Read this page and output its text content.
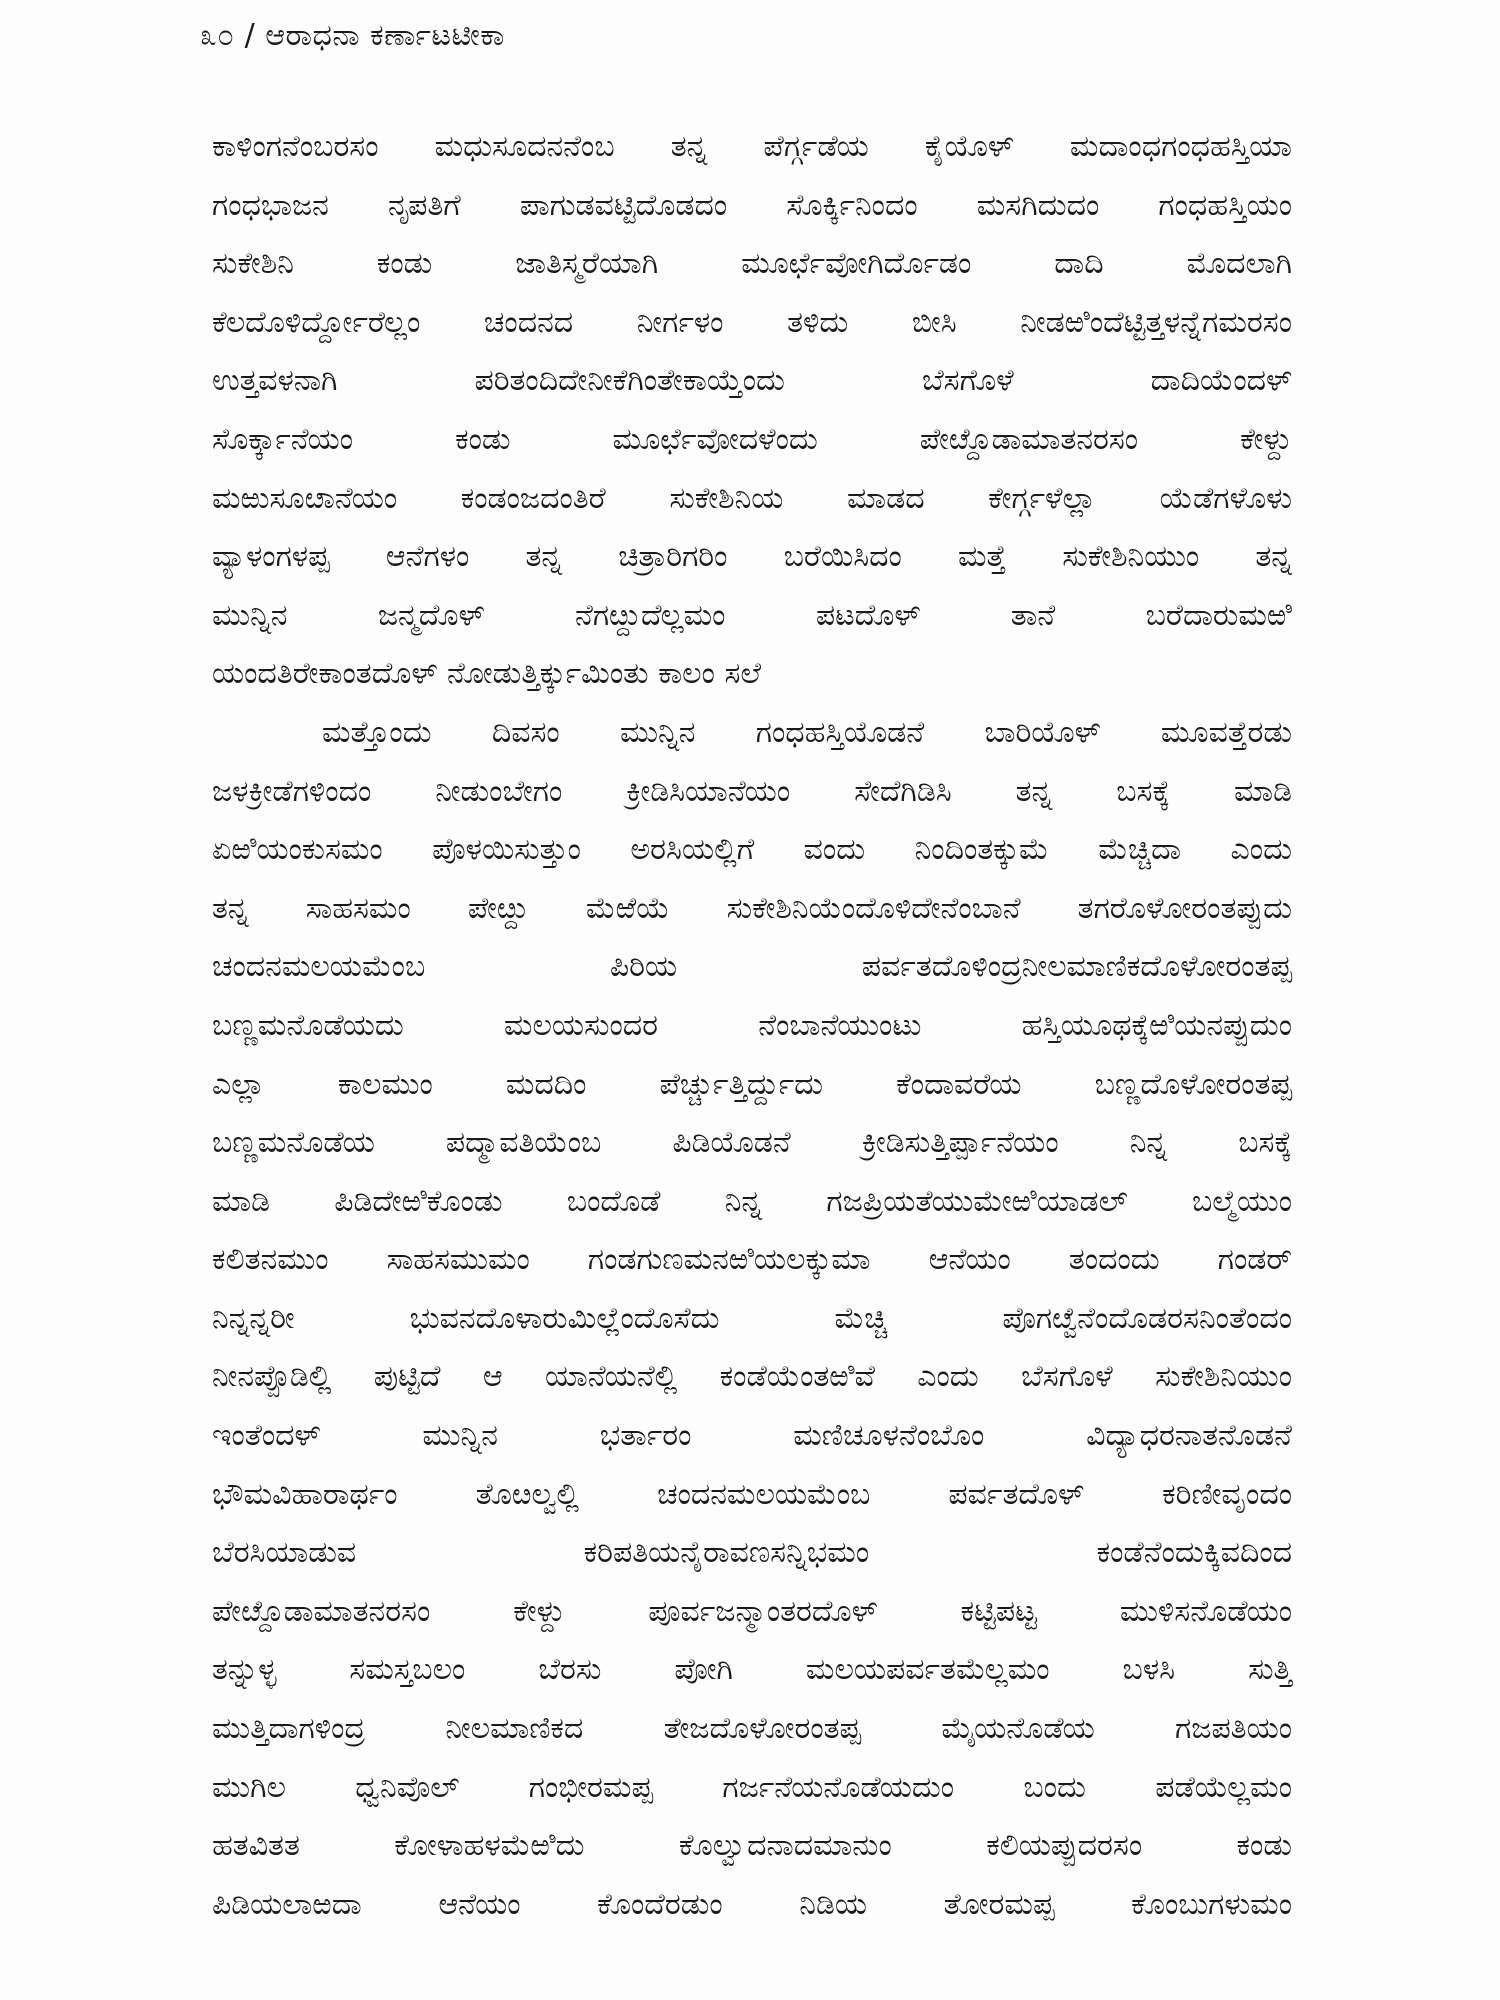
೩೦ / ಆರಾಧನಾ ಕರ್ಣಾಟಟೀಕಾ
ಕಾಳಿಂಗನೆಂಬರಸಂ ಮಧುಸೂದನನೆಂಬ ತನ್ನ ಪೆರ್ಗ್ಗಡೆಯ ಕೈಯೊಳ್ ಮದಾಂಧಗಂಧಹಸ್ತಿಯಾ
ಗಂಧಭಾಜನ ನೃಪತಿಗೆ ಪಾಗುಡವಟ್ಟಿದೊಡದಂ ಸೊರ್ಕ್ಕಿನಿಂದಂ ಮಸಗಿದುದಂ ಗಂಧಹಸ್ತಿಯಂ
ಸುಕೇಶಿನಿ ಕಂಡು ಜಾತಿಸ್ಮರೆಯಾಗಿ ಮೂರ್ಛೆವೋಗಿರ್ದೊಡಂ ದಾದಿ ಮೊದಲಾಗಿ
ಕೆಲದೊಳಿರ್ದ್ದೋರೆಲ್ಲಂ ಚಂದನದ ನೀರ್ಗಳಂ ತಳಿದು ಬೀಸಿ ನೀಡಱಿಂದೆಟ್ಟಿತ್ತಳನ್ನೆಗಮರಸಂ
ಉತ್ತವಳನಾಗಿ ಪರಿತಂದಿದೇನೀಕೆಗಿಂತೇಕಾಯ್ತೆಂದು ಬೆಸಗೊಳೆ ದಾದಿಯೆಂದಳ್
ಸೊರ್ಕ್ಕಾನೆಯಂ ಕಂಡು ಮೂರ್ಛೆವೋದಳೆಂದು ಪೇೞ್ದೊಡಾಮಾತನರಸಂ ಕೇಳ್ದು
ಮಱುಸೂೞಾನೆಯಂ ಕಂಡಂಜದಂತಿರೆ ಸುಕೇಶಿನಿಯ ಮಾಡದ ಕೇರ್ಗ್ಗಳೆಲ್ಲಾ ಯೆಡೆಗಳೊಳು
ವ್ಯಾಳಂಗಳಪ್ಪ ಆನೆಗಳಂ ತನ್ನ ಚಿತ್ರಾರಿಗರಿಂ ಬರೆಯಿಸಿದಂ ಮತ್ತೆ ಸುಕೇಶಿನಿಯುಂ ತನ್ನ
ಮುನ್ನಿನ ಜನ್ಮದೊಳ್ ನೆಗೞ್ದುದೆಲ್ಲಮಂ ಪಟದೊಳ್ ತಾನೆ ಬರೆದಾರುಮಱಿ
ಯಂದತಿರೇಕಾಂತದೊಳ್ ನೋಡುತ್ತಿರ್ಕ್ಕುಮಿಂತು ಕಾಲಂ ಸಲೆ
ಮತ್ತೊಂದು ದಿವಸಂ ಮುನ್ನಿನ ಗಂಧಹಸ್ತಿಯೊಡನೆ ಬಾರಿಯೊಳ್ ಮೂವತ್ತೆರಡು
ಜಳಕ್ರೀಡೆಗಳಿಂದಂ ನೀಡುಂಬೇಗಂ ಕ್ರೀಡಿಸಿಯಾನೆಯಂ ಸೇದೆಗಿಡಿಸಿ ತನ್ನ ಬಸಕ್ಕೆ ಮಾಡಿ
ಏಱಿಯಂಕುಸಮಂ ಪೊಳಯಿಸುತ್ತುಂ ಅರಸಿಯಲ್ಲಿಗೆ ವಂದು ನಿಂದಿಂತಕ್ಕುಮೆ ಮೆಚ್ಚಿದಾ ಎಂದು
ತನ್ನ ಸಾಹಸಮಂ ಪೇೞ್ದು ಮೆಱೆಯೆ ಸುಕೇಶಿನಿಯೆಂದೊಳಿದೇನೆಂಬಾನೆ ತಗರೊಳೋರಂತಪ್ಪುದು
ಚಂದನಮಲಯಮೆಂಬ ಪಿರಿಯ ಪರ್ವತದೊಳಿಂದ್ರನೀಲಮಾಣಿಕದೊಳೋರಂತಪ್ಪ
ಬಣ್ಣಮನೊಡೆಯದು ಮಲಯಸುಂದರ ನೆಂಬಾನೆಯುಂಟು ಹಸ್ತಿಯೂಥಕ್ಕೆಱಿಯನಪ್ಪುದುಂ
ಎಲ್ಲಾ ಕಾಲಮುಂ ಮದದಿಂ ಪೆರ್ಚ್ಚುತ್ತಿರ್ದ್ದುದು ಕೆಂದಾವರೆಯ ಬಣ್ಣದೊಳೋರಂತಪ್ಪ
ಬಣ್ಣಮನೊಡೆಯ ಪದ್ಮಾವತಿಯೆಂಬ ಪಿಡಿಯೊಡನೆ ಕ್ರೀಡಿಸುತ್ತಿರ್ಪ್ಪಾನೆಯಂ ನಿನ್ನ ಬಸಕ್ಕೆ
ಮಾಡಿ ಪಿಡಿದೇಱಿಕೊಂಡು ಬಂದೊಡೆ ನಿನ್ನ ಗಜಪ್ರಿಯತೆಯುಮೇಱಿಯಾಡಲ್ ಬಲ್ಮೆಯುಂ
ಕಲಿತನಮುಂ ಸಾಹಸಮುಮಂ ಗಂಡಗುಣಮನಱಿಯಲಕ್ಕುಮಾ ಆನೆಯಂ ತಂದಂದು ಗಂಡರ್
ನಿನ್ನನ್ನರೀ ಭುವನದೊಳಾರುಮಿಲ್ಲೆಂದೊಸೆದು ಮೆಚ್ಚಿ ಪೊಗೞ್ವೆನೆಂದೊಡರಸನಿಂತೆಂದಂ
ನೀನಪ್ಪೊಡಿಲ್ಲಿ ಪುಟ್ಟಿದೆ ಆ ಯಾನೆಯನೆಲ್ಲಿ ಕಂಡೆಯೆಂತಱಿವೆ ಎಂದು ಬೆಸಗೊಳೆ ಸುಕೇಶಿನಿಯುಂ
ಇಂತೆಂದಳ್ ಮುನ್ನಿನ ಭರ್ತಾರಂ ಮಣಿಚೂಳನೆಂಬೊಂ ವಿದ್ಯಾಧರನಾತನೊಡನೆ
ಭೌಮವಿಹಾರಾರ್ಥಂ ತೊೞಲ್ವಲ್ಲಿ ಚಂದನಮಲಯಮೆಂಬ ಪರ್ವತದೊಳ್ ಕರಿಣೀವೃಂದಂ
ಬೆರಸಿಯಾಡುವ ಕರಿಪತಿಯನೈರಾವಣಸನ್ನಿಭಮಂ ಕಂಡೆನೆಂದುಕ್ಕಿವದಿಂದ
ಪೇೞ್ದೊಡಾಮಾತನರಸಂ ಕೇಳ್ದು ಪೂರ್ವಜನ್ಮಾಂತರದೊಳ್ ಕಟ್ಟಿಪಟ್ಟ ಮುಳಿಸನೊಡೆಯಂ
ತನ್ನುಳ್ಳ ಸಮಸ್ತಬಲಂ ಬೆರಸು ಪೋಗಿ ಮಲಯಪರ್ವತಮೆಲ್ಲಮಂ ಬಳಸಿ ಸುತ್ತಿ
ಮುತ್ತಿದಾಗಳಿಂದ್ರ ನೀಲಮಾಣಿಕದ ತೇಜದೊಳೋರಂತಪ್ಪ ಮೈಯನೊಡೆಯ ಗಜಪತಿಯಂ
ಮುಗಿಲ ಧ್ವನಿವೊಲ್ ಗಂಭೀರಮಪ್ಪ ಗರ್ಜನೆಯನೊಡೆಯದುಂ ಬಂದು ಪಡೆಯೆಲ್ಲಮಂ
ಹತವಿತತ ಕೋಳಾಹಳಮೆಱಿದು ಕೊಲ್ವುದನಾದಮಾನುಂ ಕಲಿಯಪ್ಪುದರಸಂ ಕಂಡು
ಪಿಡಿಯಲಾಱದಾ ಆನೆಯಂ ಕೊಂದೆರಡುಂ ನಿಡಿಯ ತೋರಮಪ್ಪ ಕೊಂಬುಗಳುಮಂ
